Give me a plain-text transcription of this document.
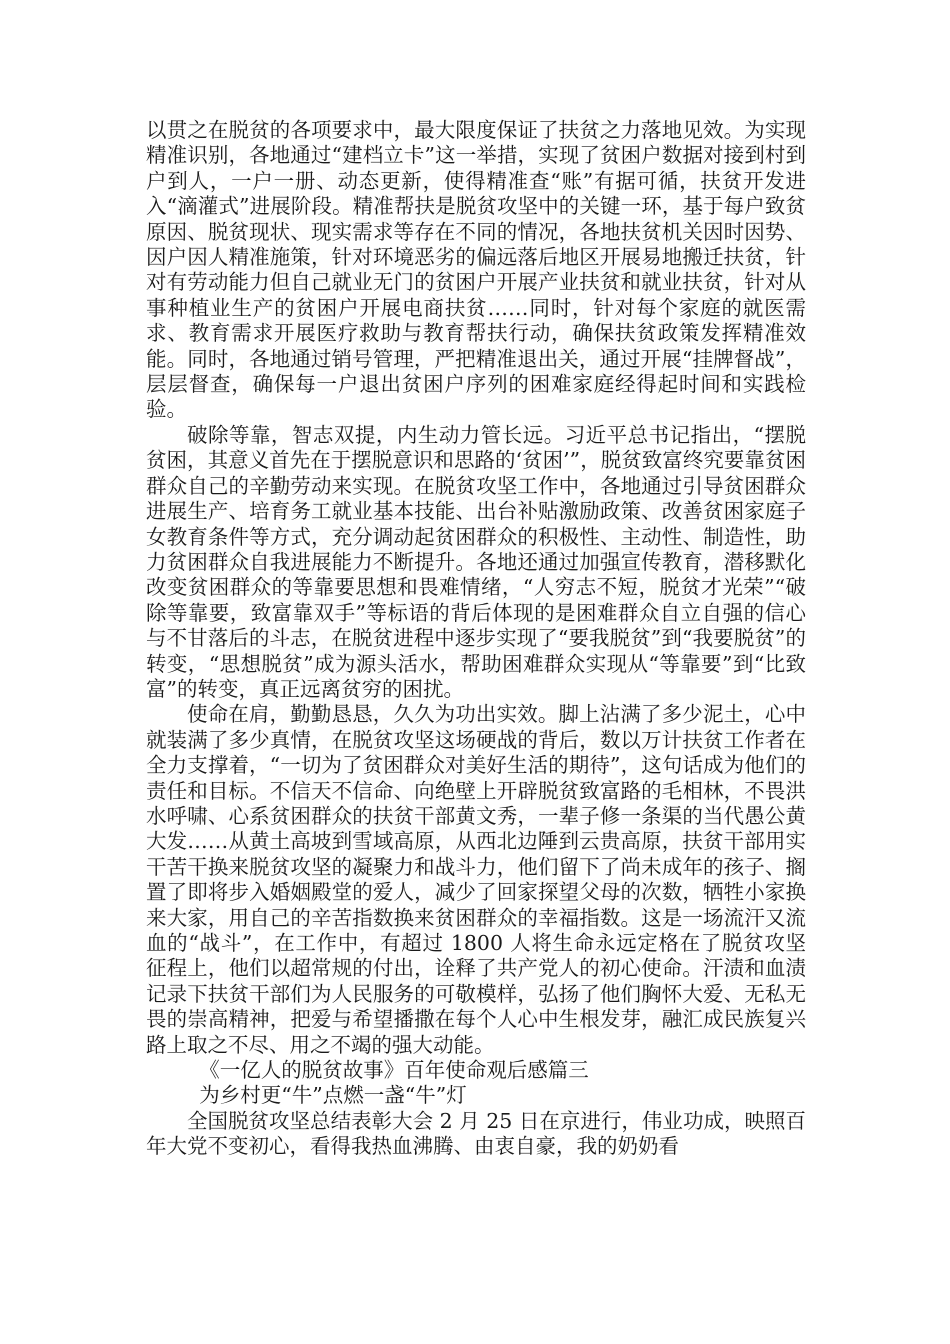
以贯之在脱贫的各项要求中，最大限度保证了扶贫之力落地见效。为实现精准识别，各地通过“建档立卡”这一举措，实现了贫困户数据对接到村到户到人，一户一册、动态更新，使得精准查“账”有据可循，扶贫开发进入“滴灌式”进展阶段。精准帮扶是脱贫攻坚中的关键一环，基于每户致贫原因、脱贫现状、现实需求等存在不同的情况，各地扶贫机关因时因势、因户因人精准施策，针对环境恶劣的偏远落后地区开展易地搬迁扶贫，针对有劳动能力但自己就业无门的贫困户开展产业扶贫和就业扶贫，针对从事种植业生产的贫困户开展电商扶贫……同时，针对每个家庭的就医需求、教育需求开展医疗救助与教育帮扶行动，确保扶贫政策发挥精准效能。同时，各地通过销号管理，严把精准退出关，通过开展“挂牌督战”，层层督查，确保每一户退出贫困户序列的困难家庭经得起时间和实践检验。

破除等靠，智志双提，内生动力管长远。习近平总书记指出，“摆脱贫困，其意义首先在于摆脱意识和思路的‘贫困’”，脱贫致富终究要靠贫困群众自己的辛勤劳动来实现。在脱贫攻坚工作中，各地通过引导贫困群众进展生产、培育务工就业基本技能、出台补贴激励政策、改善贫困家庭子女教育条件等方式，充分调动起贫困群众的积极性、主动性、制造性，助力贫困群众自我进展能力不断提升。各地还通过加强宣传教育，潜移默化改变贫困群众的等靠要思想和畏难情绪，“人穷志不短，脱贫才光荣”“破除等靠要，致富靠双手”等标语的背后体现的是困难群众自立自强的信心与不甘落后的斗志，在脱贫进程中逐步实现了“要我脱贫”到“我要脱贫”的转变，“思想脱贫”成为源头活水，帮助困难群众实现从“等靠要”到“比致富”的转变，真正远离贫穷的困扰。

使命在肩，勤勤恳恳，久久为功出实效。脚上沾满了多少泥土，心中就装满了多少真情，在脱贫攻坚这场硬战的背后，数以万计扶贫工作者在全力支撑着，“一切为了贫困群众对美好生活的期待”，这句话成为他们的责任和目标。不信天不信命、向绝壁上开辟脱贫致富路的毛相林，不畏洪水呼啸、心系贫困群众的扶贫干部黄文秀，一辈子修一条渠的当代愚公黄大发……从黄土高坡到雪域高原，从西北边陲到云贵高原，扶贫干部用实干苦干换来脱贫攻坚的凝聚力和战斗力，他们留下了尚未成年的孩子、搁置了即将步入婚姻殿堂的爱人，减少了回家探望父母的次数，牺牲小家换来大家，用自己的辛苦指数换来贫困群众的幸福指数。这是一场流汗又流血的“战斗”，在工作中，有超过 1800 人将生命永远定格在了脱贫攻坚征程上，他们以超常规的付出，诠释了共产党人的初心使命。汗渍和血渍记录下扶贫干部们为人民服务的可敬模样，弘扬了他们胸怀大爱、无私无畏的崇高精神，把爱与希望播撒在每个人心中生根发芽，融汇成民族复兴路上取之不尽、用之不竭的强大动能。

《一亿人的脱贫故事》百年使命观后感篇三

为乡村更“牛”点燃一盏“牛”灯

全国脱贫攻坚总结表彰大会 2 月 25 日在京进行，伟业功成，映照百年大党不变初心，看得我热血沸腾、由衷自豪，我的奶奶看
